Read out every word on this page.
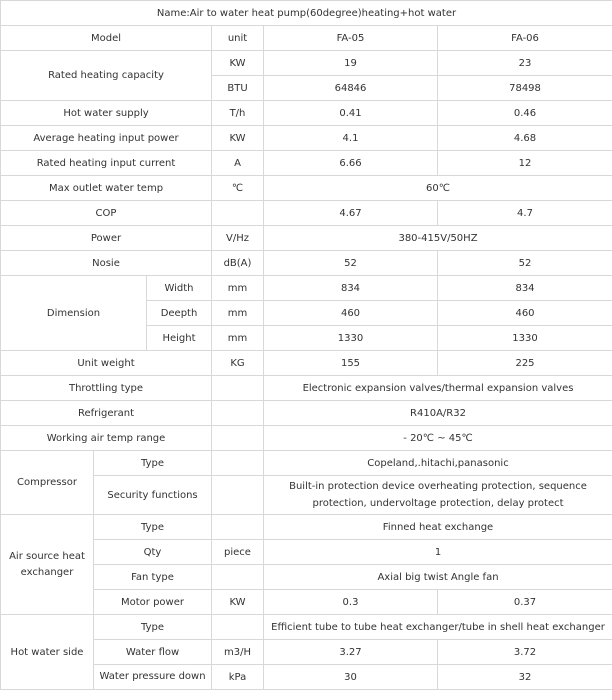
Name:Air to water heat pump(60degree)heating+hot water					
Model			unit	FA-05	FA-06
Rated heating capacity			KW	19	23
			BTU	64846	78498
Hot water supply			T/h	0.41	0.46
Average heating input power			KW	4.1	4.68
Rated heating input current			A	6.66	12
Max outlet water temp			℃	60℃	
COP				4.67	4.7
Power			V/Hz	380-415V/50HZ	
Nosie			dB(A)	52	52
Dimension		Width	mm	834	834
		Deepth	mm	460	460
		Height	mm	1330	1330
Unit weight			KG	155	225
Throttling type				Electronic expansion valves/thermal expansion valves	
Refrigerant				R410A/R32	
Working air temp range				- 20℃ ~ 45℃	
Compressor	Type			Copeland,.hitachi,panasonic	
	Security functions			Built-in protection device overheating protection, sequence protection, undervoltage protection, delay protect	
Air source heat exchanger	Type			Finned heat exchange	
	Qty		piece	1	
	Fan type			Axial big twist Angle fan	
	Motor power		KW	0.3	0.37
Hot water side	Type			Efficient tube to tube heat exchanger/tube in shell heat exchanger	
	Water flow		m3/H	3.27	3.72
	Water pressure down		kPa	30	32
